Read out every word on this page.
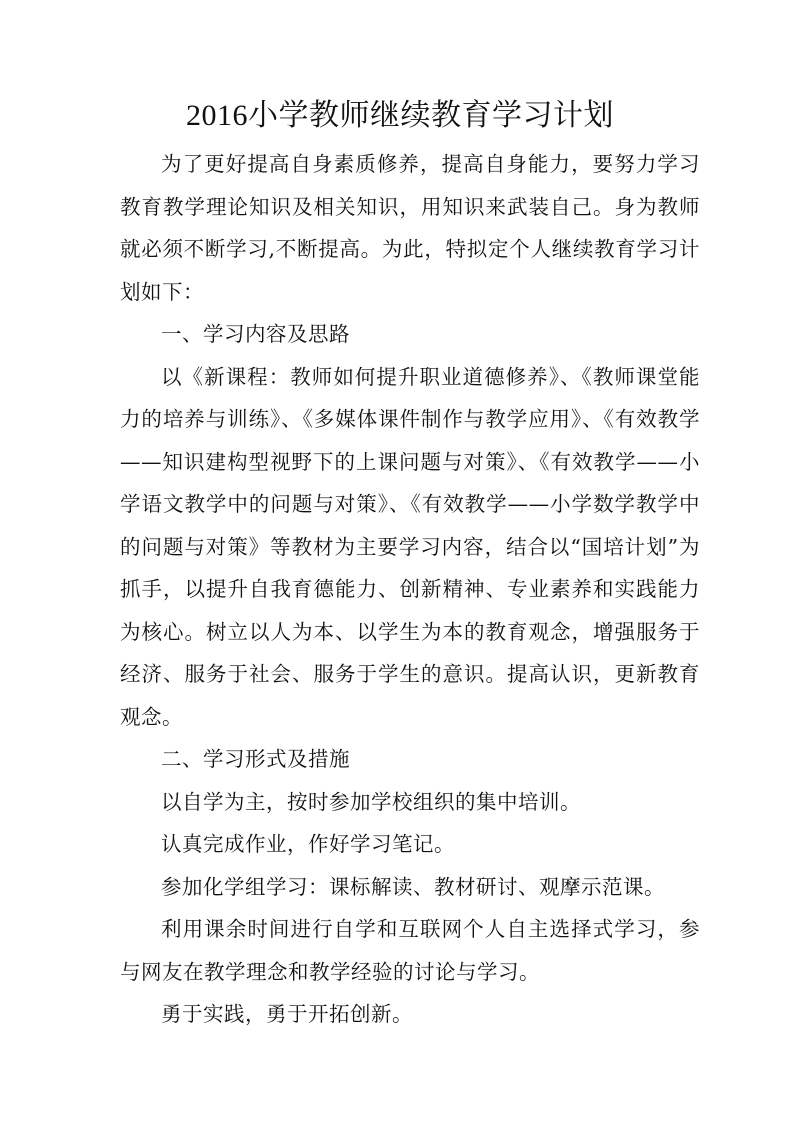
2016小学教师继续教育学习计划

为了更好提高自身素质修养，提高自身能力，要努力学习教育教学理论知识及相关知识，用知识来武装自己。身为教师就必须不断学习,不断提高。为此，特拟定个人继续教育学习计划如下：

一、学习内容及思路

以《新课程：教师如何提升职业道德修养》、《教师课堂能力的培养与训练》、《多媒体课件制作与教学应用》、《有效教学——知识建构型视野下的上课问题与对策》、《有效教学——小学语文教学中的问题与对策》、《有效教学——小学数学教学中的问题与对策》等教材为主要学习内容，结合以“国培计划”为抓手，以提升自我育德能力、创新精神、专业素养和实践能力为核心。树立以人为本、以学生为本的教育观念，增强服务于经济、服务于社会、服务于学生的意识。提高认识，更新教育观念。

二、学习形式及措施

以自学为主，按时参加学校组织的集中培训。

认真完成作业，作好学习笔记。

参加化学组学习：课标解读、教材研讨、观摩示范课。

利用课余时间进行自学和互联网个人自主选择式学习，参与网友在教学理念和教学经验的讨论与学习。

勇于实践，勇于开拓创新。
